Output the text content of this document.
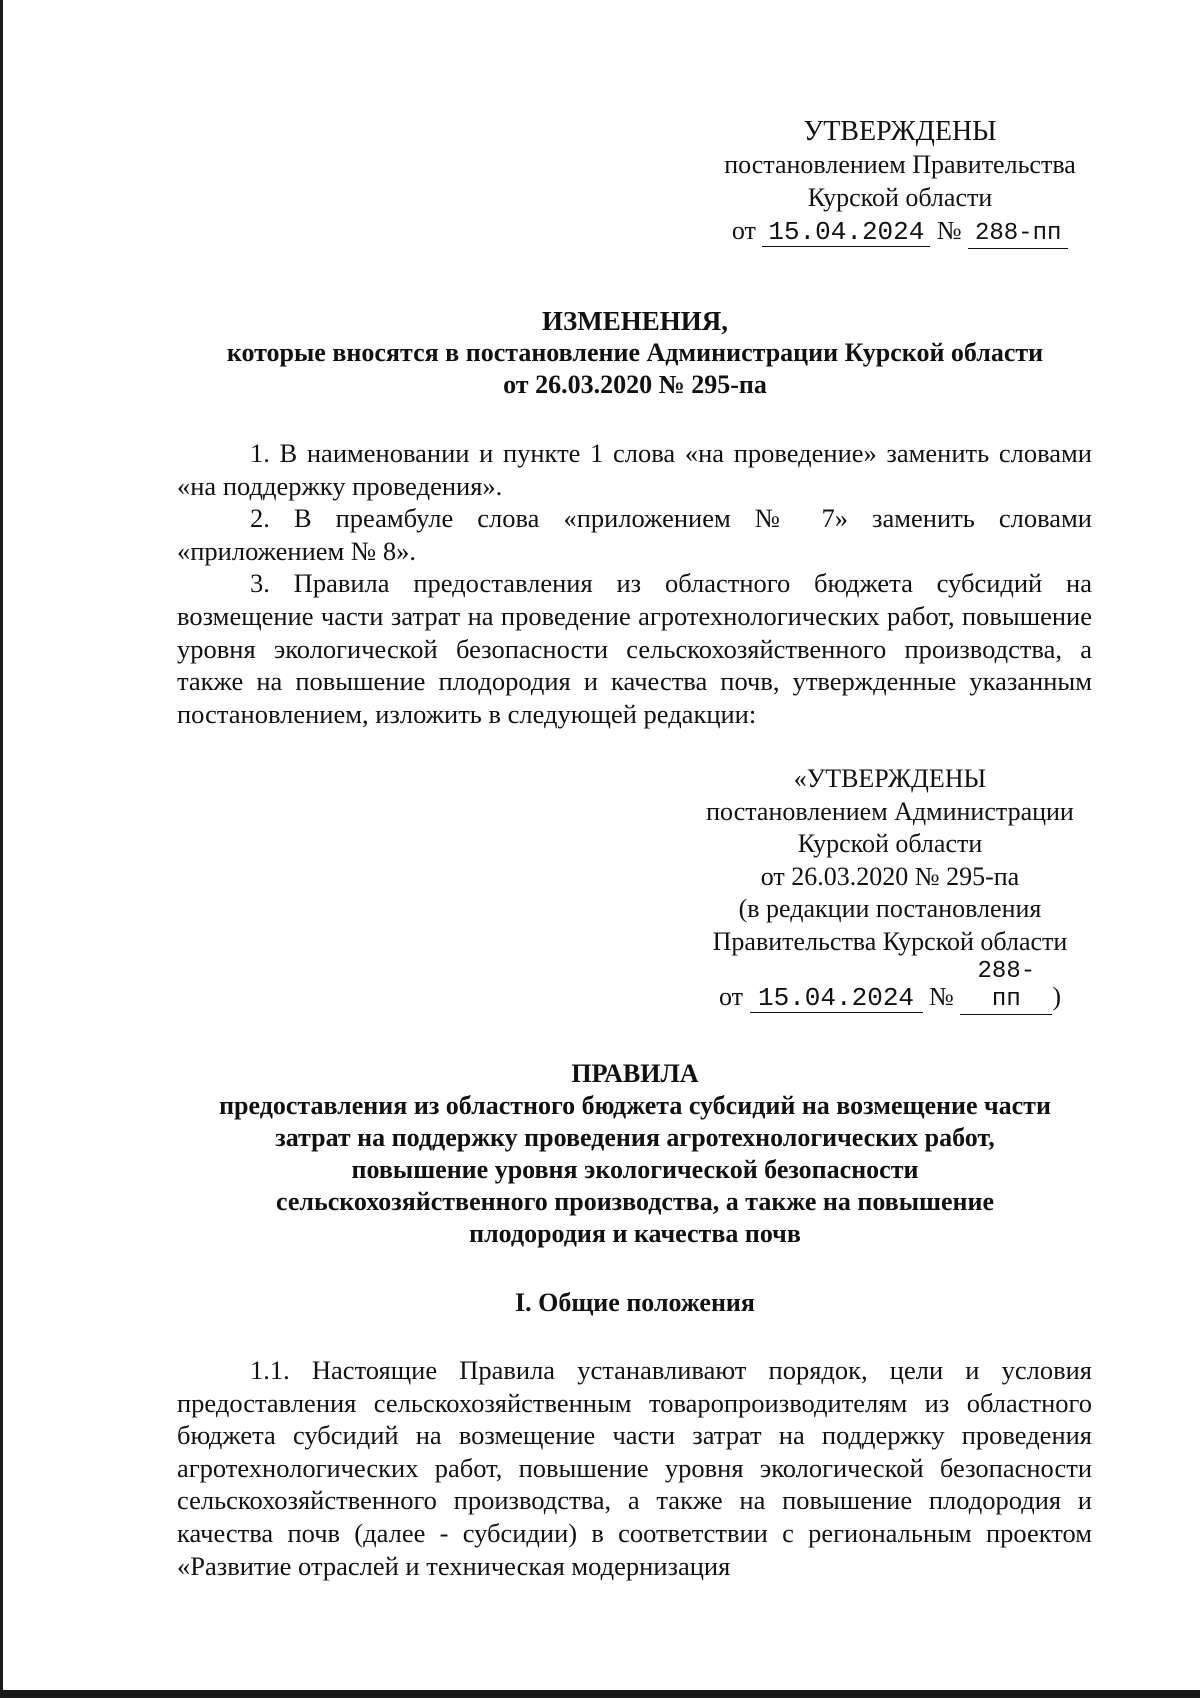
УТВЕРЖДЕНЫ
постановлением Правительства
Курской области
от 15.04.2024 № 288-пп
ИЗМЕНЕНИЯ,
которые вносятся в постановление Администрации Курской области
от 26.03.2020 № 295-па

1. В наименовании и пункте 1 слова «на проведение» заменить словами «на поддержку проведения».

2. В преамбуле слова «приложением № 7» заменить словами «приложением № 8».

3. Правила предоставления из областного бюджета субсидий на возмещение части затрат на проведение агротехнологических работ, повышение уровня экологической безопасности сельскохозяйственного производства, а также на повышение плодородия и качества почв, утвержденные указанным постановлением, изложить в следующей редакции:

«УТВЕРЖДЕНЫ
постановлением Администрации
Курской области
от 26.03.2020 № 295-па
(в редакции постановления
Правительства Курской области
от 15.04.2024 № 288-пп )
ПРАВИЛА
предоставления из областного бюджета субсидий на возмещение части
затрат на поддержку проведения агротехнологических работ,
повышение уровня экологической безопасности
сельскохозяйственного производства, а также на повышение
плодородия и качества почв
I. Общие положения

1.1. Настоящие Правила устанавливают порядок, цели и условия предоставления сельскохозяйственным товаропроизводителям из областного бюджета субсидий на возмещение части затрат на поддержку проведения агротехнологических работ, повышение уровня экологической безопасности сельскохозяйственного производства, а также на повышение плодородия и качества почв (далее - субсидии) в соответствии с региональным проектом «Развитие отраслей и техническая модернизация
